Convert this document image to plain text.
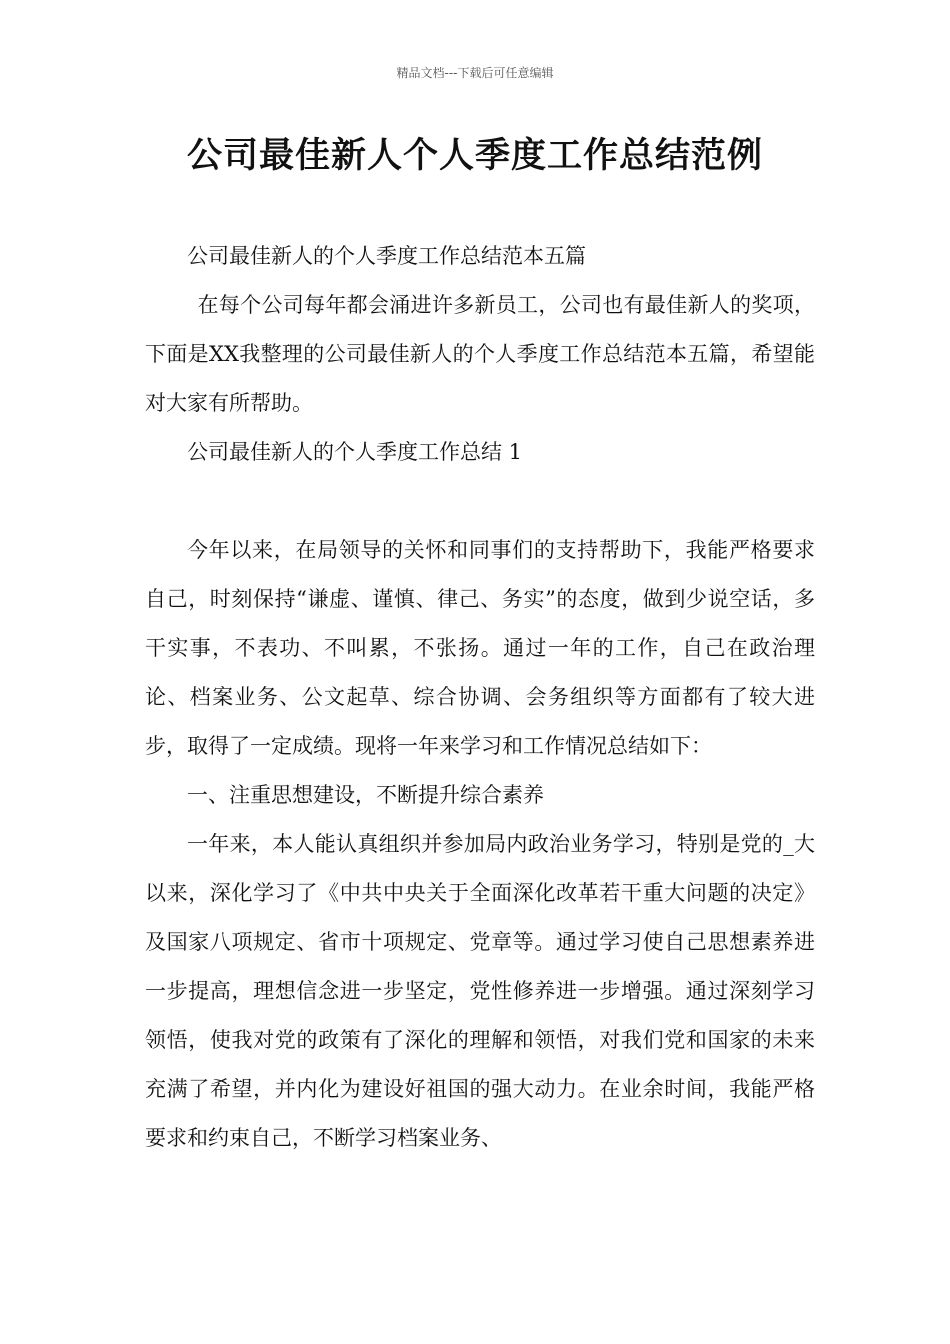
精品文档---下载后可任意编辑
公司最佳新人个人季度工作总结范例

公司最佳新人的个人季度工作总结范本五篇

在每个公司每年都会涌进许多新员工，公司也有最佳新人的奖项，下面是XX我整理的公司最佳新人的个人季度工作总结范本五篇，希望能对大家有所帮助。

公司最佳新人的个人季度工作总结 1

今年以来，在局领导的关怀和同事们的支持帮助下，我能严格要求自己，时刻保持“谦虚、谨慎、律己、务实”的态度，做到少说空话，多干实事，不表功、不叫累，不张扬。通过一年的工作，自己在政治理论、档案业务、公文起草、综合协调、会务组织等方面都有了较大进步，取得了一定成绩。现将一年来学习和工作情况总结如下：

一、注重思想建设，不断提升综合素养

一年来，本人能认真组织并参加局内政治业务学习，特别是党的_大以来，深化学习了《中共中央关于全面深化改革若干重大问题的决定》及国家八项规定、省市十项规定、党章等。通过学习使自己思想素养进一步提高，理想信念进一步坚定，党性修养进一步增强。通过深刻学习领悟，使我对党的政策有了深化的理解和领悟，对我们党和国家的未来充满了希望，并内化为建设好祖国的强大动力。在业余时间，我能严格要求和约束自己，不断学习档案业务、
